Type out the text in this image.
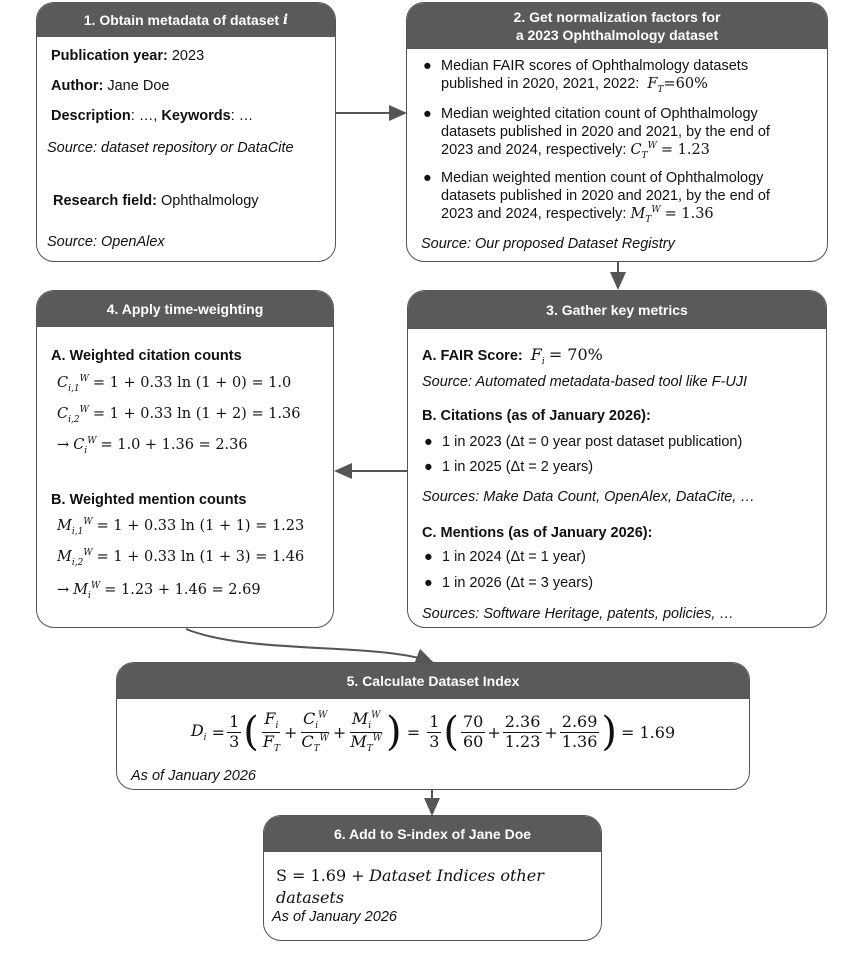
1. Obtain metadata of dataset
i
Publication year: 2023
Author: Jane Doe
Description: …, Keywords: …
Source: dataset repository or DataCite
Research field: Ophthalmology
Source: OpenAlex
2. Get normalization factors for
a 2023 Ophthalmology dataset
● Median FAIR scores of Ophthalmology datasets
published in 2020, 2021, 2022: $F_T=60\%$
● Median weighted citation count of Ophthalmology
datasets published in 2020 and 2021, by the end of
2023 and 2024, respectively: $C_T^W = 1.23$
● Median weighted mention count of Ophthalmology
datasets published in 2020 and 2021, by the end of
2023 and 2024, respectively: $M_T^W = 1.36$
Source: Our proposed Dataset Registry
4. Apply time-weighting
A. Weighted citation counts
$C_{i,1}^W = 1 + 0.33$ ln (1 + 0) = 1.0
$C_{i,2}^W = 1 + 0.33$ ln (1 + 2) = 1.36
→ $C_i^W = 1.0 + 1.36 = 2.36$
B. Weighted mention counts
$M_{i,1}^W = 1 + 0.33$ ln (1 + 1) = 1.23
$M_{i,2}^W = 1 + 0.33$ ln (1 + 3) = 1.46
→ $M_i^W = 1.23 + 1.46 = 2.69$
3. Gather key metrics
A. FAIR Score: $F_i = 70\%$
Source: Automated metadata-based tool like F-UJI
B. Citations (as of January 2026):
● 1 in 2023 (Δt = 0 year post dataset publication)
● 1 in 2025 (Δt = 2 years)
Sources: Make Data Count, OpenAlex, DataCite, …
C. Mentions (as of January 2026):
● 1 in 2024 (Δt = 1 year)
● 1 in 2026 (Δt = 3 years)
Sources: Software Heritage, patents, policies, …
5. Calculate Dataset Index
$D_i$
= $\frac{1}{3}$ ( $\frac{F_i}{F_T} + \frac{C_i^W}{C_T^W} + \frac{M_i^W}{M_T^W}$ ) = $\frac{1}{3}$ ( $\frac{70}{60} + \frac{2.36}{1.23} + \frac{2.69}{1.36}$ ) = 1.69
As of January 2026
6. Add to S-index of Jane Doe
S = 1.69 + Dataset Indices other datasets
As of January 2026
